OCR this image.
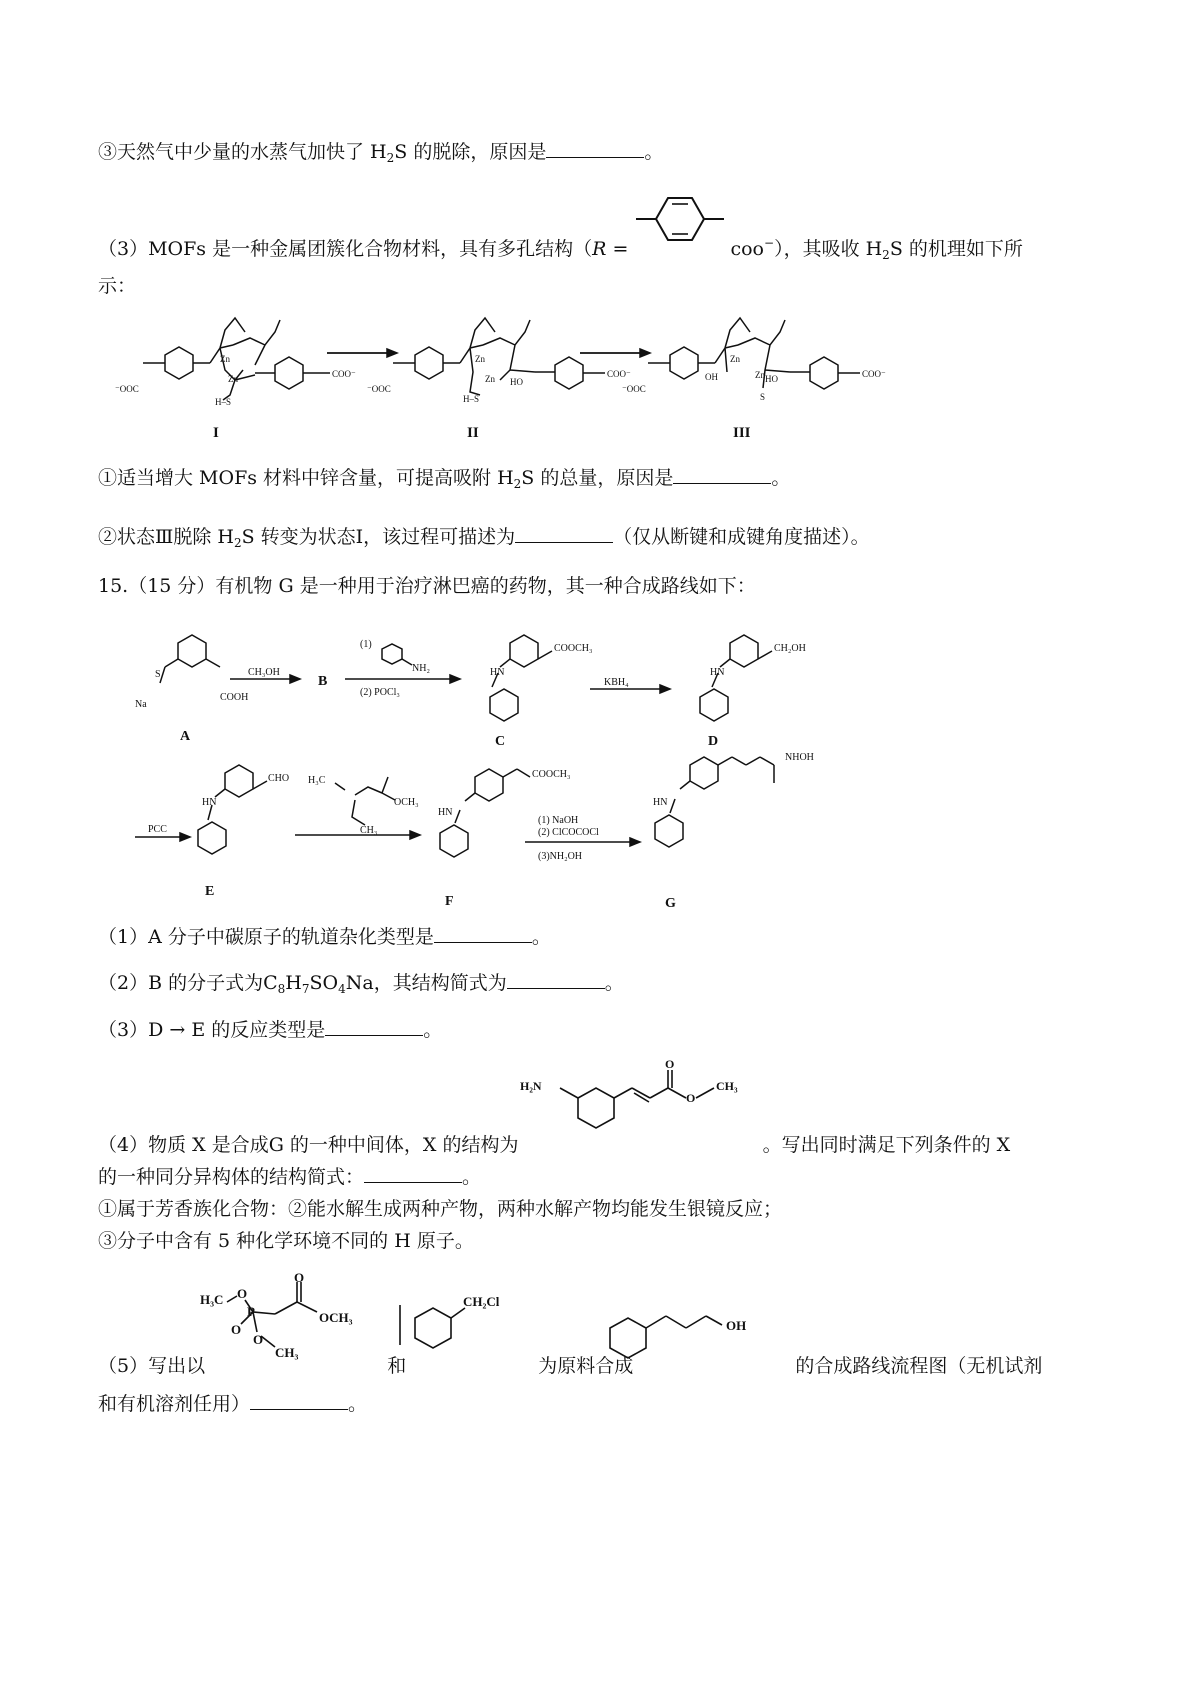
③天然气中少量的水蒸气加快了 $H_2S$ 的脱除，原因是	。
（3）MOFs 是一种金属团簇化合物材料，具有多孔结构（R =	coo−），其吸收 $H_2S$ 的机理如下所
示：
⁻OOC
COO⁻
Zn
Zn
H–S
⁻OOC
COO⁻
Zn
Zn HO
H–S
⁻OOC
COO⁻
Zn
Zn
OH	HO
S
I	II	III
①适当增大 MOFs 材料中锌含量，可提高吸附 $H_2S$ 的总量，原因是	。
②状态Ⅲ脱除 $H_2S$ 转变为状态Ⅰ，该过程可描述为	（仅从断键和成键角度描述）。
15.（15 分）有机物 G 是一种用于治疗淋巴癌的药物，其一种合成路线如下：
COOH
S
Na
CH₃OH
(1)
NH₂
(2) POCl₃
COOCH₃
HN
KBH₄
CH₂OH
HN
PCC
CHO
HN
H₃C
OCH₃
CH₃
COOCH₃
HN
(1) NaOH
(2) ClCOCOCl
(3)NH₂OH
NHOH
HN
A
B
C	D
E
F	G
（1）A 分子中碳原子的轨道杂化类型是	。
（2）B 的分子式为$C_8H_7SO_4Na$，其结构简式为	。
（3）D → E 的反应类型是	。
H₂N
O
O
CH₃
（4）物质 X 是合成G 的一种中间体，X 的结构为	。写出同时满足下列条件的 X
的一种同分异构体的结构简式：	。
①属于芳香族化合物：②能水解生成两种产物，两种水解产物均能发生银镜反应；
③分子中含有 5 种化学环境不同的 H 原子。
H₃C O
P
O
O
OCH₃
O
CH₃
CH₂Cl
OH
（5）写出以	和	为原料合成	的合成路线流程图（无机试剂
和有机溶剂任用）	。
